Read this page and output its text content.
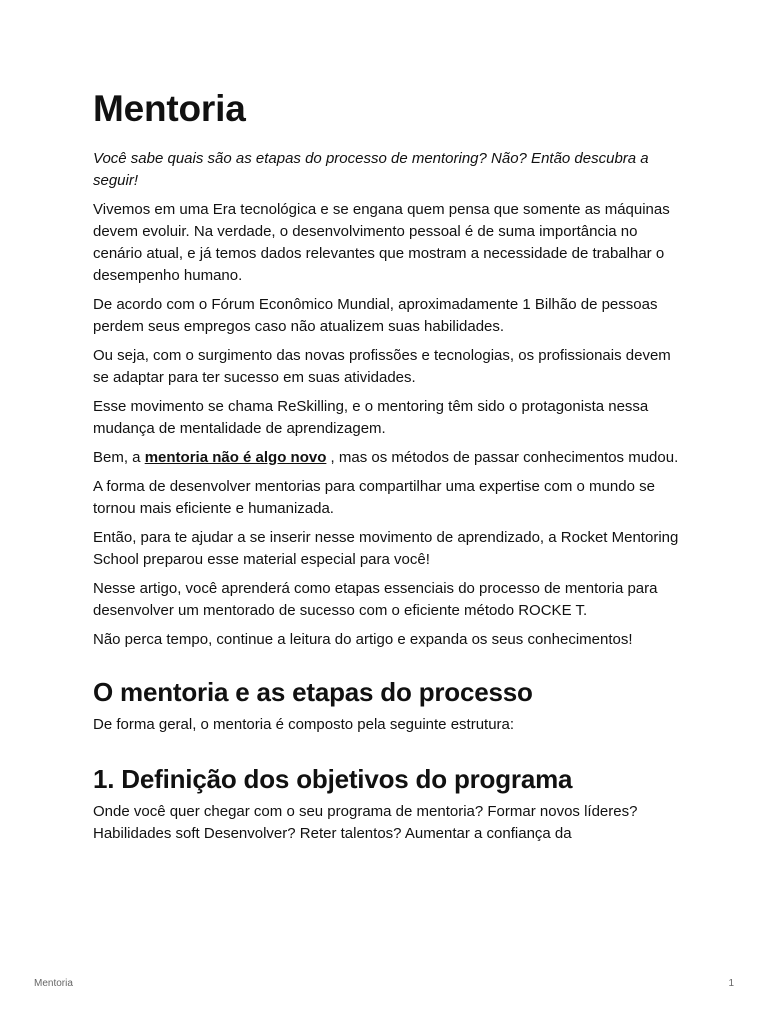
Mentoria

Você sabe quais são as etapas do processo de mentoring? Não? Então descubra a seguir!

Vivemos em uma Era tecnológica e se engana quem pensa que somente as máquinas devem evoluir. Na verdade, o desenvolvimento pessoal é de suma importância no cenário atual, e já temos dados relevantes que mostram a necessidade de trabalhar o desempenho humano.

De acordo com o Fórum Econômico Mundial, aproximadamente 1 Bilhão de pessoas perdem seus empregos caso não atualizem suas habilidades.

Ou seja, com o surgimento das novas profissões e tecnologias, os profissionais devem se adaptar para ter sucesso em suas atividades.

Esse movimento se chama ReSkilling, e o mentoring têm sido o protagonista nessa mudança de mentalidade de aprendizagem.

Bem, a mentoria não é algo novo , mas os métodos de passar conhecimentos mudou.

A forma de desenvolver mentorias para compartilhar uma expertise com o mundo se tornou mais eficiente e humanizada.

Então, para te ajudar a se inserir nesse movimento de aprendizado, a Rocket Mentoring School preparou esse material especial para você!

Nesse artigo, você aprenderá como etapas essenciais do processo de mentoria para desenvolver um mentorado de sucesso com o eficiente método ROCKE T.

Não perca tempo, continue a leitura do artigo e expanda os seus conhecimentos!

O mentoria e as etapas do processo

De forma geral, o mentoria é composto pela seguinte estrutura:

1. Definição dos objetivos do programa

Onde você quer chegar com o seu programa de mentoria? Formar novos líderes? Habilidades soft Desenvolver? Reter talentos? Aumentar a confiança da

Mentoria	1
